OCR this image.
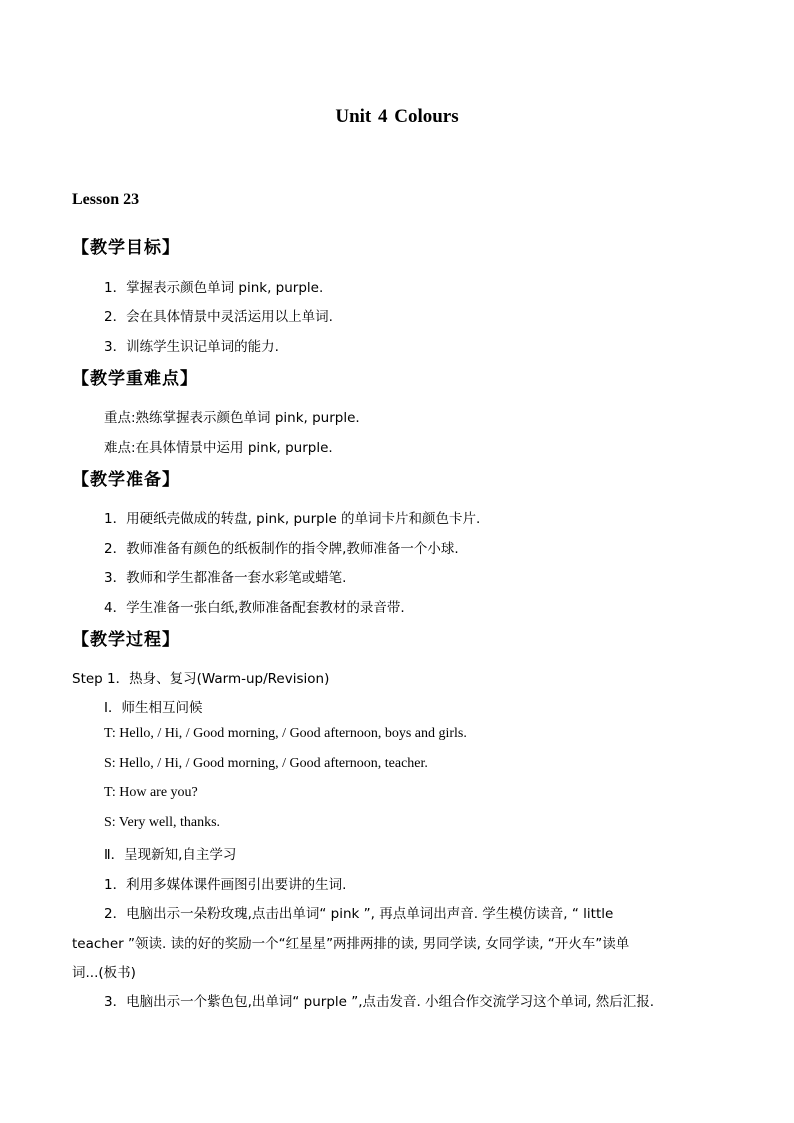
Unit 4 Colours
Lesson 23
【教学目标】
1．掌握表示颜色单词 pink, purple.
2．会在具体情景中灵活运用以上单词.
3．训练学生识记单词的能力.
【教学重难点】
重点:熟练掌握表示颜色单词 pink, purple.
难点:在具体情景中运用 pink, purple.
【教学准备】
1．用硬纸壳做成的转盘, pink, purple 的单词卡片和颜色卡片.
2．教师准备有颜色的纸板制作的指令牌,教师准备一个小球.
3．教师和学生都准备一套水彩笔或蜡笔.
4．学生准备一张白纸,教师准备配套教材的录音带.
【教学过程】
Step 1．热身、复习(Warm-up/Revision)
Ⅰ．师生相互问候
T: Hello, / Hi, / Good morning, / Good afternoon, boys and girls.
S: Hello, / Hi, / Good morning, / Good afternoon, teacher.
T: How are you?
S: Very well, thanks.
Ⅱ．呈现新知,自主学习
1．利用多媒体课件画图引出要讲的生词.
2．电脑出示一朵粉玫瑰,点击出单词“ pink ”, 再点单词出声音. 学生模仿读音, “ little
teacher ”领读. 读的好的奖励一个“红星星”两排两排的读, 男同学读, 女同学读, “开火车”读单
词...(板书)
3．电脑出示一个紫色包,出单词“ purple ”,点击发音. 小组合作交流学习这个单词, 然后汇报.
